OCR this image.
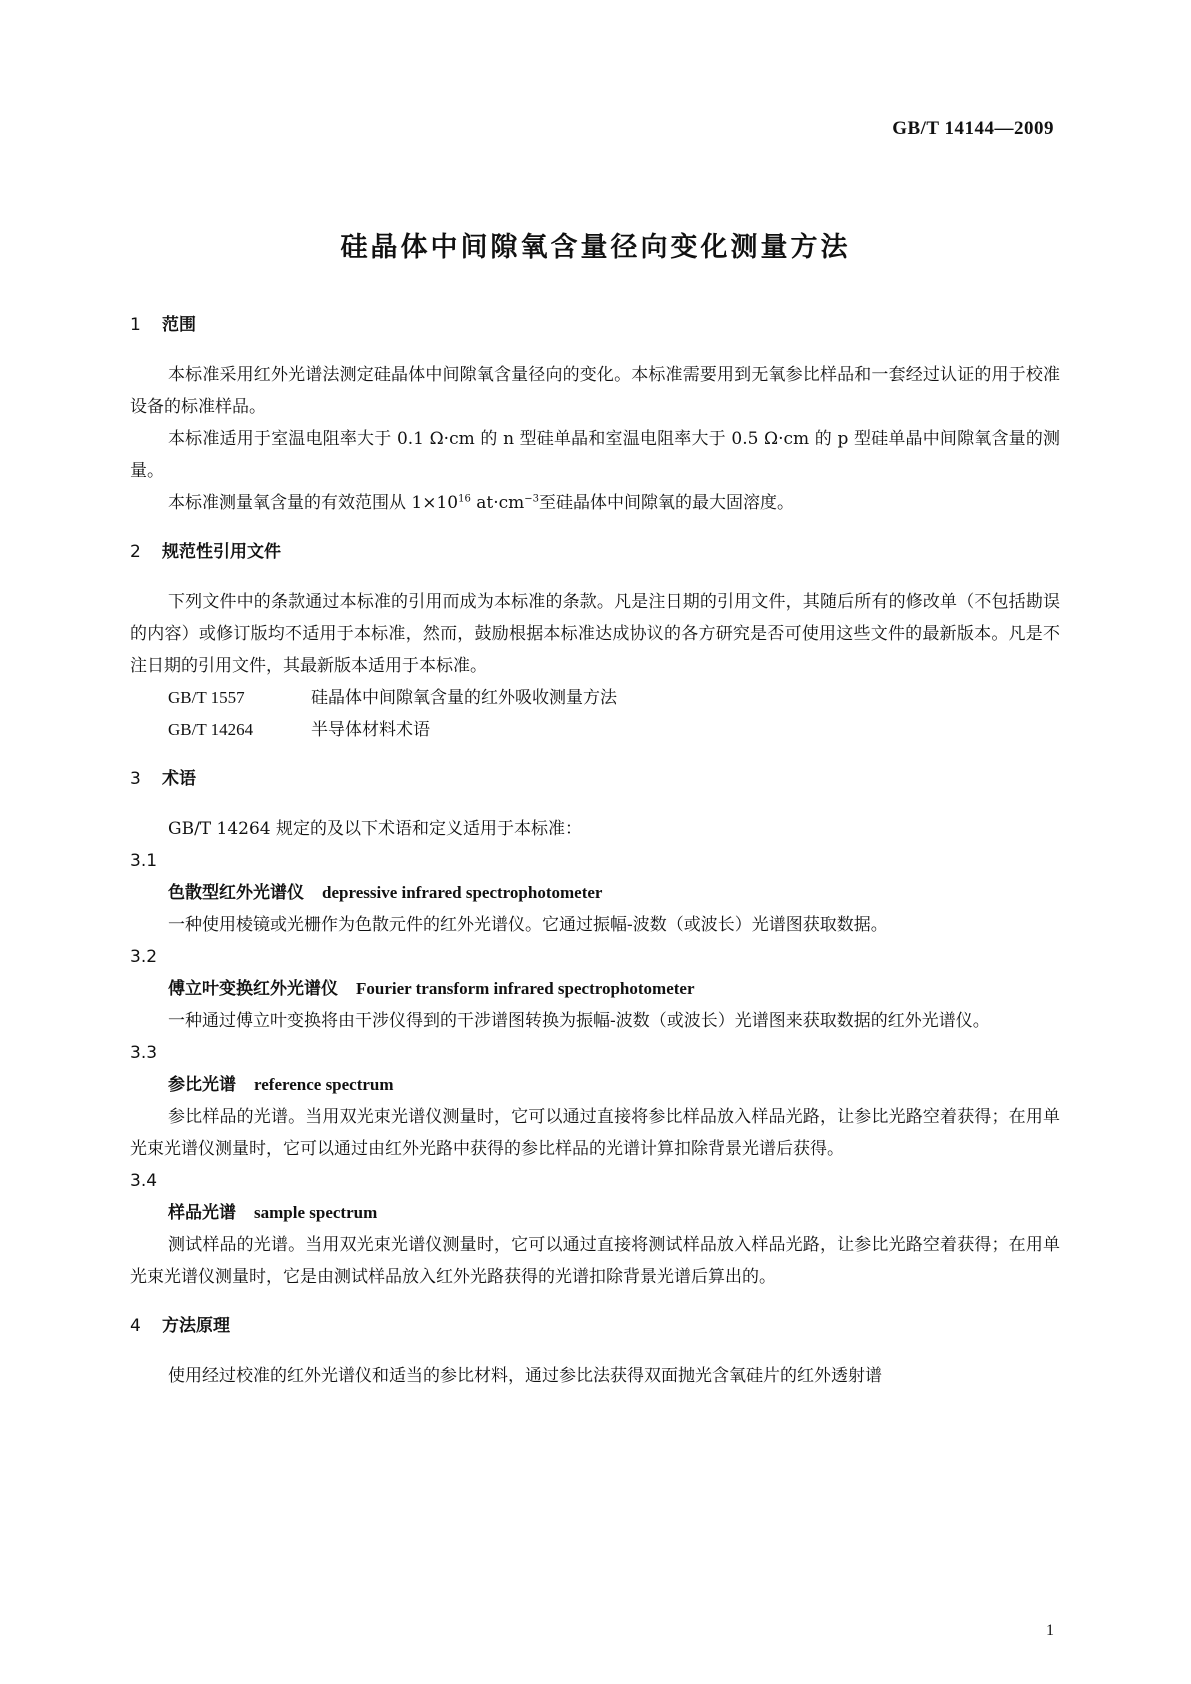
GB/T 14144—2009
硅晶体中间隙氧含量径向变化测量方法
1 范围

本标准采用红外光谱法测定硅晶体中间隙氧含量径向的变化。本标准需要用到无氧参比样品和一套经过认证的用于校准设备的标准样品。

本标准适用于室温电阻率大于 0.1 Ω·cm 的 n 型硅单晶和室温电阻率大于 0.5 Ω·cm 的 p 型硅单晶中间隙氧含量的测量。

本标准测量氧含量的有效范围从 $1\times 10^{16}$ $at\cdot cm^{-3}$至硅晶体中间隙氧的最大固溶度。

2 规范性引用文件

下列文件中的条款通过本标准的引用而成为本标准的条款。凡是注日期的引用文件，其随后所有的修改单（不包括勘误的内容）或修订版均不适用于本标准，然而，鼓励根据本标准达成协议的各方研究是否可使用这些文件的最新版本。凡是不注日期的引用文件，其最新版本适用于本标准。

GB/T 1557	硅晶体中间隙氧含量的红外吸收测量方法
GB/T 14264	半导体材料术语
3 术语

GB/T 14264 规定的及以下术语和定义适用于本标准：

3.1

色散型红外光谱仪 depressive infrared spectrophotometer

一种使用棱镜或光栅作为色散元件的红外光谱仪。它通过振幅-波数（或波长）光谱图获取数据。

3.2

傅立叶变换红外光谱仪 Fourier transform infrared spectrophotometer

一种通过傅立叶变换将由干涉仪得到的干涉谱图转换为振幅-波数（或波长）光谱图来获取数据的红外光谱仪。

3.3

参比光谱 reference spectrum

参比样品的光谱。当用双光束光谱仪测量时，它可以通过直接将参比样品放入样品光路，让参比光路空着获得；在用单光束光谱仪测量时，它可以通过由红外光路中获得的参比样品的光谱计算扣除背景光谱后获得。

3.4

样品光谱 sample spectrum

测试样品的光谱。当用双光束光谱仪测量时，它可以通过直接将测试样品放入样品光路，让参比光路空着获得；在用单光束光谱仪测量时，它是由测试样品放入红外光路获得的光谱扣除背景光谱后算出的。

4 方法原理

使用经过校准的红外光谱仪和适当的参比材料，通过参比法获得双面抛光含氧硅片的红外透射谱

1
